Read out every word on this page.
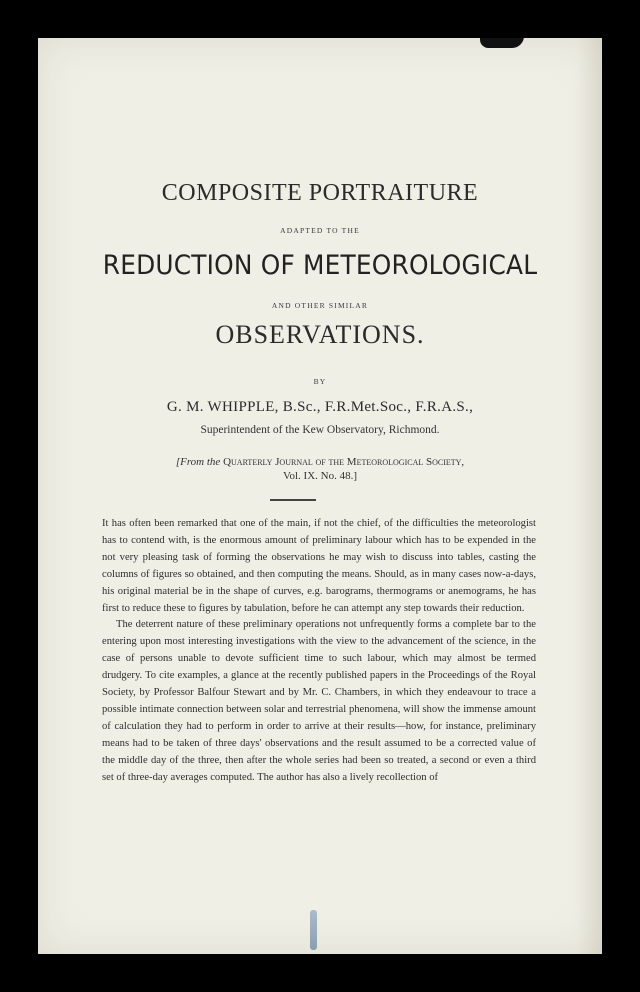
COMPOSITE PORTRAITURE
ADAPTED TO THE
REDUCTION OF METEOROLOGICAL
AND OTHER SIMILAR
OBSERVATIONS.
BY
G. M. WHIPPLE, B.Sc., F.R.Met.Soc., F.R.A.S.,
Superintendent of the Kew Observatory, Richmond.
[From the Quarterly Journal of the Meteorological Society,
Vol. IX. No. 48.]

It has often been remarked that one of the main, if not the chief, of the difficulties the meteorologist has to contend with, is the enormous amount of preliminary labour which has to be expended in the not very pleasing task of forming the observations he may wish to discuss into tables, casting the columns of figures so obtained, and then computing the means. Should, as in many cases now-a-days, his original material be in the shape of curves, e.g. barograms, thermograms or anemograms, he has first to reduce these to figures by tabulation, before he can attempt any step towards their reduction.

The deterrent nature of these preliminary operations not unfrequently forms a complete bar to the entering upon most interesting investigations with the view to the advancement of the science, in the case of persons unable to devote sufficient time to such labour, which may almost be termed drudgery. To cite examples, a glance at the recently published papers in the Proceedings of the Royal Society, by Professor Balfour Stewart and by Mr. C. Chambers, in which they endeavour to trace a possible intimate connection between solar and terrestrial phenomena, will show the immense amount of calculation they had to perform in order to arrive at their results—how, for instance, preliminary means had to be taken of three days' observations and the result assumed to be a corrected value of the middle day of the three, then after the whole series had been so treated, a second or even a third set of three-day averages computed. The author has also a lively recollection of
